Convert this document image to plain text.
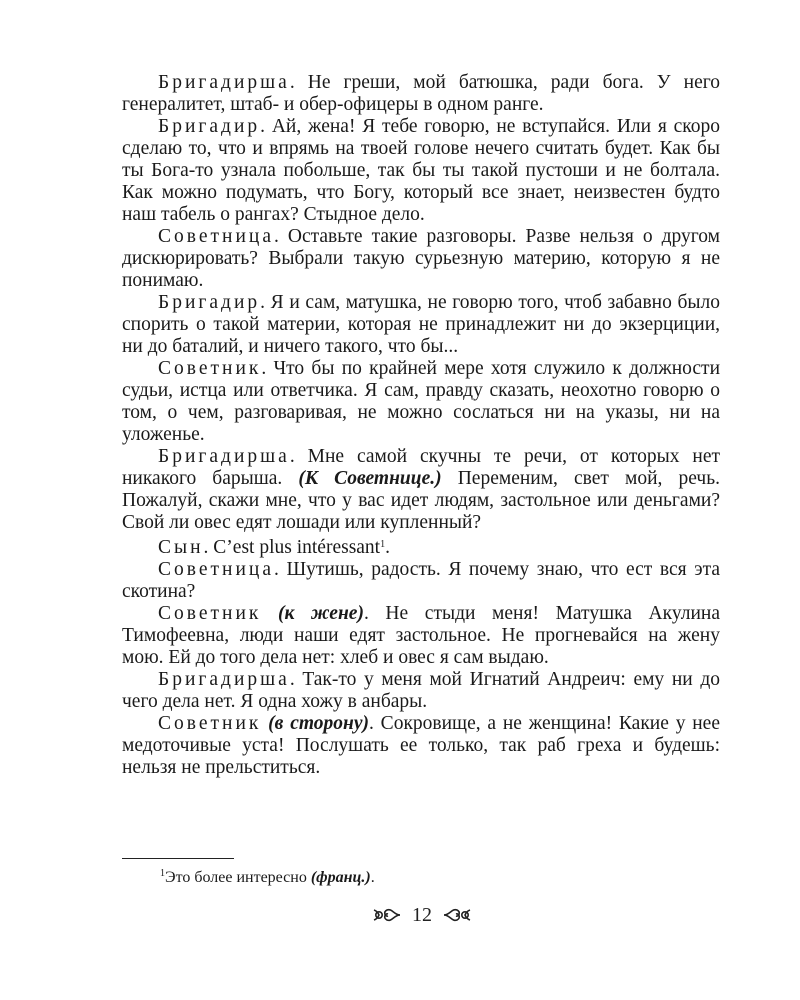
Бригадирша. Не греши, мой батюшка, ради бога. У него генералитет, штаб- и обер-офицеры в одном ранге.

Бригадир. Ай, жена! Я тебе говорю, не вступайся. Или я скоро сделаю то, что и впрямь на твоей голове нечего считать будет. Как бы ты Бога-то узнала побольше, так бы ты такой пустоши и не болтала. Как можно подумать, что Богу, который все знает, неизвестен будто наш табель о рангах? Стыдное дело.

Советница. Оставьте такие разговоры. Разве нельзя о другом дискюрировать? Выбрали такую сурьезную материю, которую я не понимаю.

Бригадир. Я и сам, матушка, не говорю того, чтоб забавно было спорить о такой материи, которая не принадлежит ни до экзерциции, ни до баталий, и ничего такого, что бы...

Советник. Что бы по крайней мере хотя служило к должности судьи, истца или ответчика. Я сам, правду сказать, неохотно говорю о том, о чем, разговаривая, не можно сослаться ни на указы, ни на уложенье.

Бригадирша. Мне самой скучны те речи, от которых нет никакого барыша. (К Советнице.) Переменим, свет мой, речь. Пожалуй, скажи мне, что у вас идет людям, застольное или деньгами? Свой ли овес едят лошади или купленный?

Сын. C’est plus intéressant$^1$.

Советница. Шутишь, радость. Я почему знаю, что ест вся эта скотина?

Советник (к жене). Не стыди меня! Матушка Акулина Тимофеевна, люди наши едят застольное. Не прогневайся на жену мою. Ей до того дела нет: хлеб и овес я сам выдаю.

Бригадирша. Так-то у меня мой Игнатий Андреич: ему ни до чего дела нет. Я одна хожу в анбары.

Советник (в сторону). Сокровище, а не женщина! Какие у нее медоточивые уста! Послушать ее только, так раб греха и будешь: нельзя не прельститься.

$^1$Это более интересно (франц.).
12
